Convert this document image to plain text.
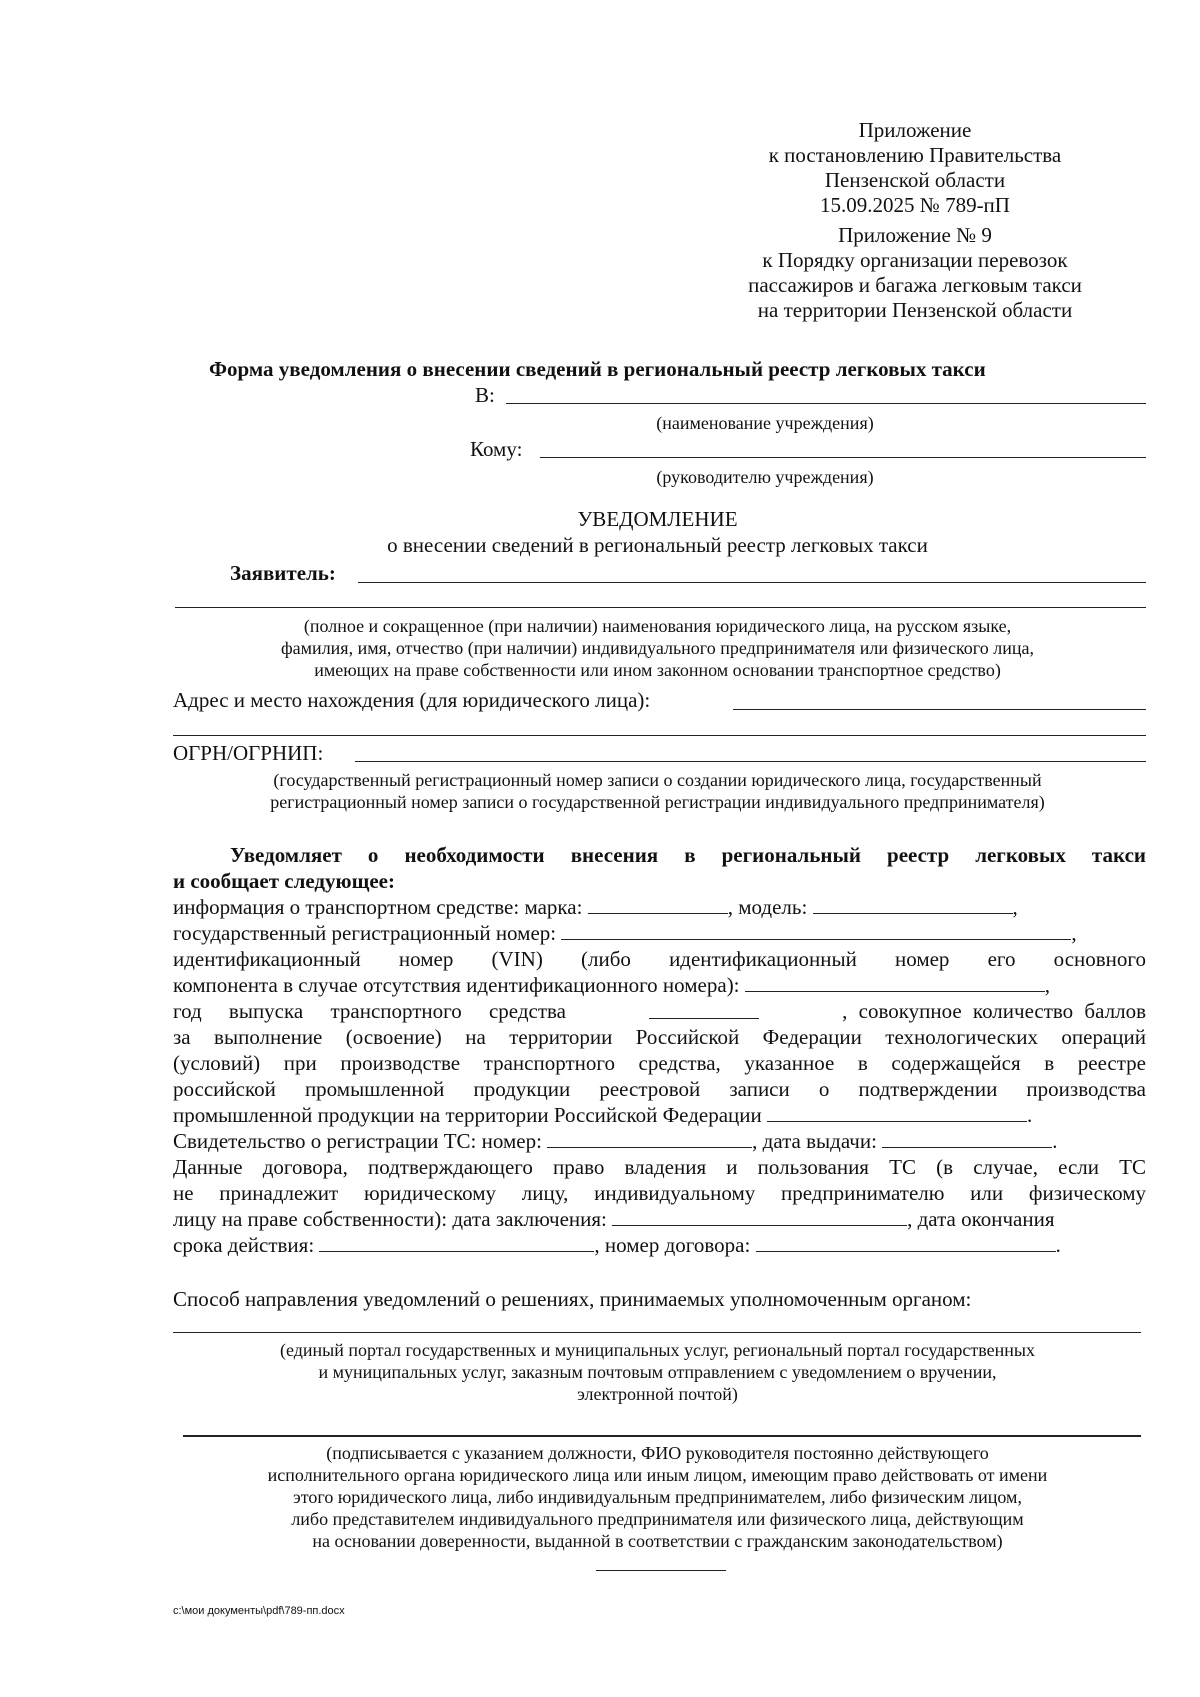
Приложение
к постановлению Правительства
Пензенской области
15.09.2025 № 789-пП
Приложение № 9
к Порядку организации перевозок
пассажиров и багажа легковым такси
на территории Пензенской области
Форма уведомления о внесении сведений в региональный реестр легковых такси
В:
(наименование учреждения)
Кому:
(руководителю учреждения)
УВЕДОМЛЕНИЕ
о внесении сведений в региональный реестр легковых такси
Заявитель:
(полное и сокращенное (при наличии) наименования юридического лица, на русском языке,
фамилия, имя, отчество (при наличии) индивидуального предпринимателя или физического лица,
имеющих на праве собственности или ином законном основании транспортное средство)
Адрес и место нахождения (для юридического лица):
ОГРН/ОГРНИП:
(государственный регистрационный номер записи о создании юридического лица, государственный
регистрационный номер записи о государственной регистрации индивидуального предпринимателя)
Уведомляет о необходимости внесения в региональный реестр легковых такси
и сообщает следующее:
информация о транспортном средстве: марка:	, модель:	,
государственный регистрационный номер:	,
идентификационный номер (VIN) (либо идентификационный номер его основного
компонента в случае отсутствия идентификационного номера):	,
год выпуска транспортного средства	, совокупное количество баллов
за выполнение (освоение) на территории Российской Федерации технологических операций
(условий) при производстве транспортного средства, указанное в содержащейся в реестре
российской промышленной продукции реестровой записи о подтверждении производства
промышленной продукции на территории Российской Федерации	.
Свидетельство о регистрации ТС: номер:	, дата выдачи:	.
Данные договора, подтверждающего право владения и пользования ТС (в случае, если ТС
не принадлежит юридическому лицу, индивидуальному предпринимателю или физическому
лицу на праве собственности): дата заключения:	, дата окончания
срока действия:	, номер договора:	.
Способ направления уведомлений о решениях, принимаемых уполномоченным органом:
(единый портал государственных и муниципальных услуг, региональный портал государственных
и муниципальных услуг, заказным почтовым отправлением с уведомлением о вручении,
электронной почтой)
(подписывается с указанием должности, ФИО руководителя постоянно действующего
исполнительного органа юридического лица или иным лицом, имеющим право действовать от имени
этого юридического лица, либо индивидуальным предпринимателем, либо физическим лицом,
либо представителем индивидуального предпринимателя или физического лица, действующим
на основании доверенности, выданной в соответствии с гражданским законодательством)
c:\мои документы\pdf\789-пп.docx
